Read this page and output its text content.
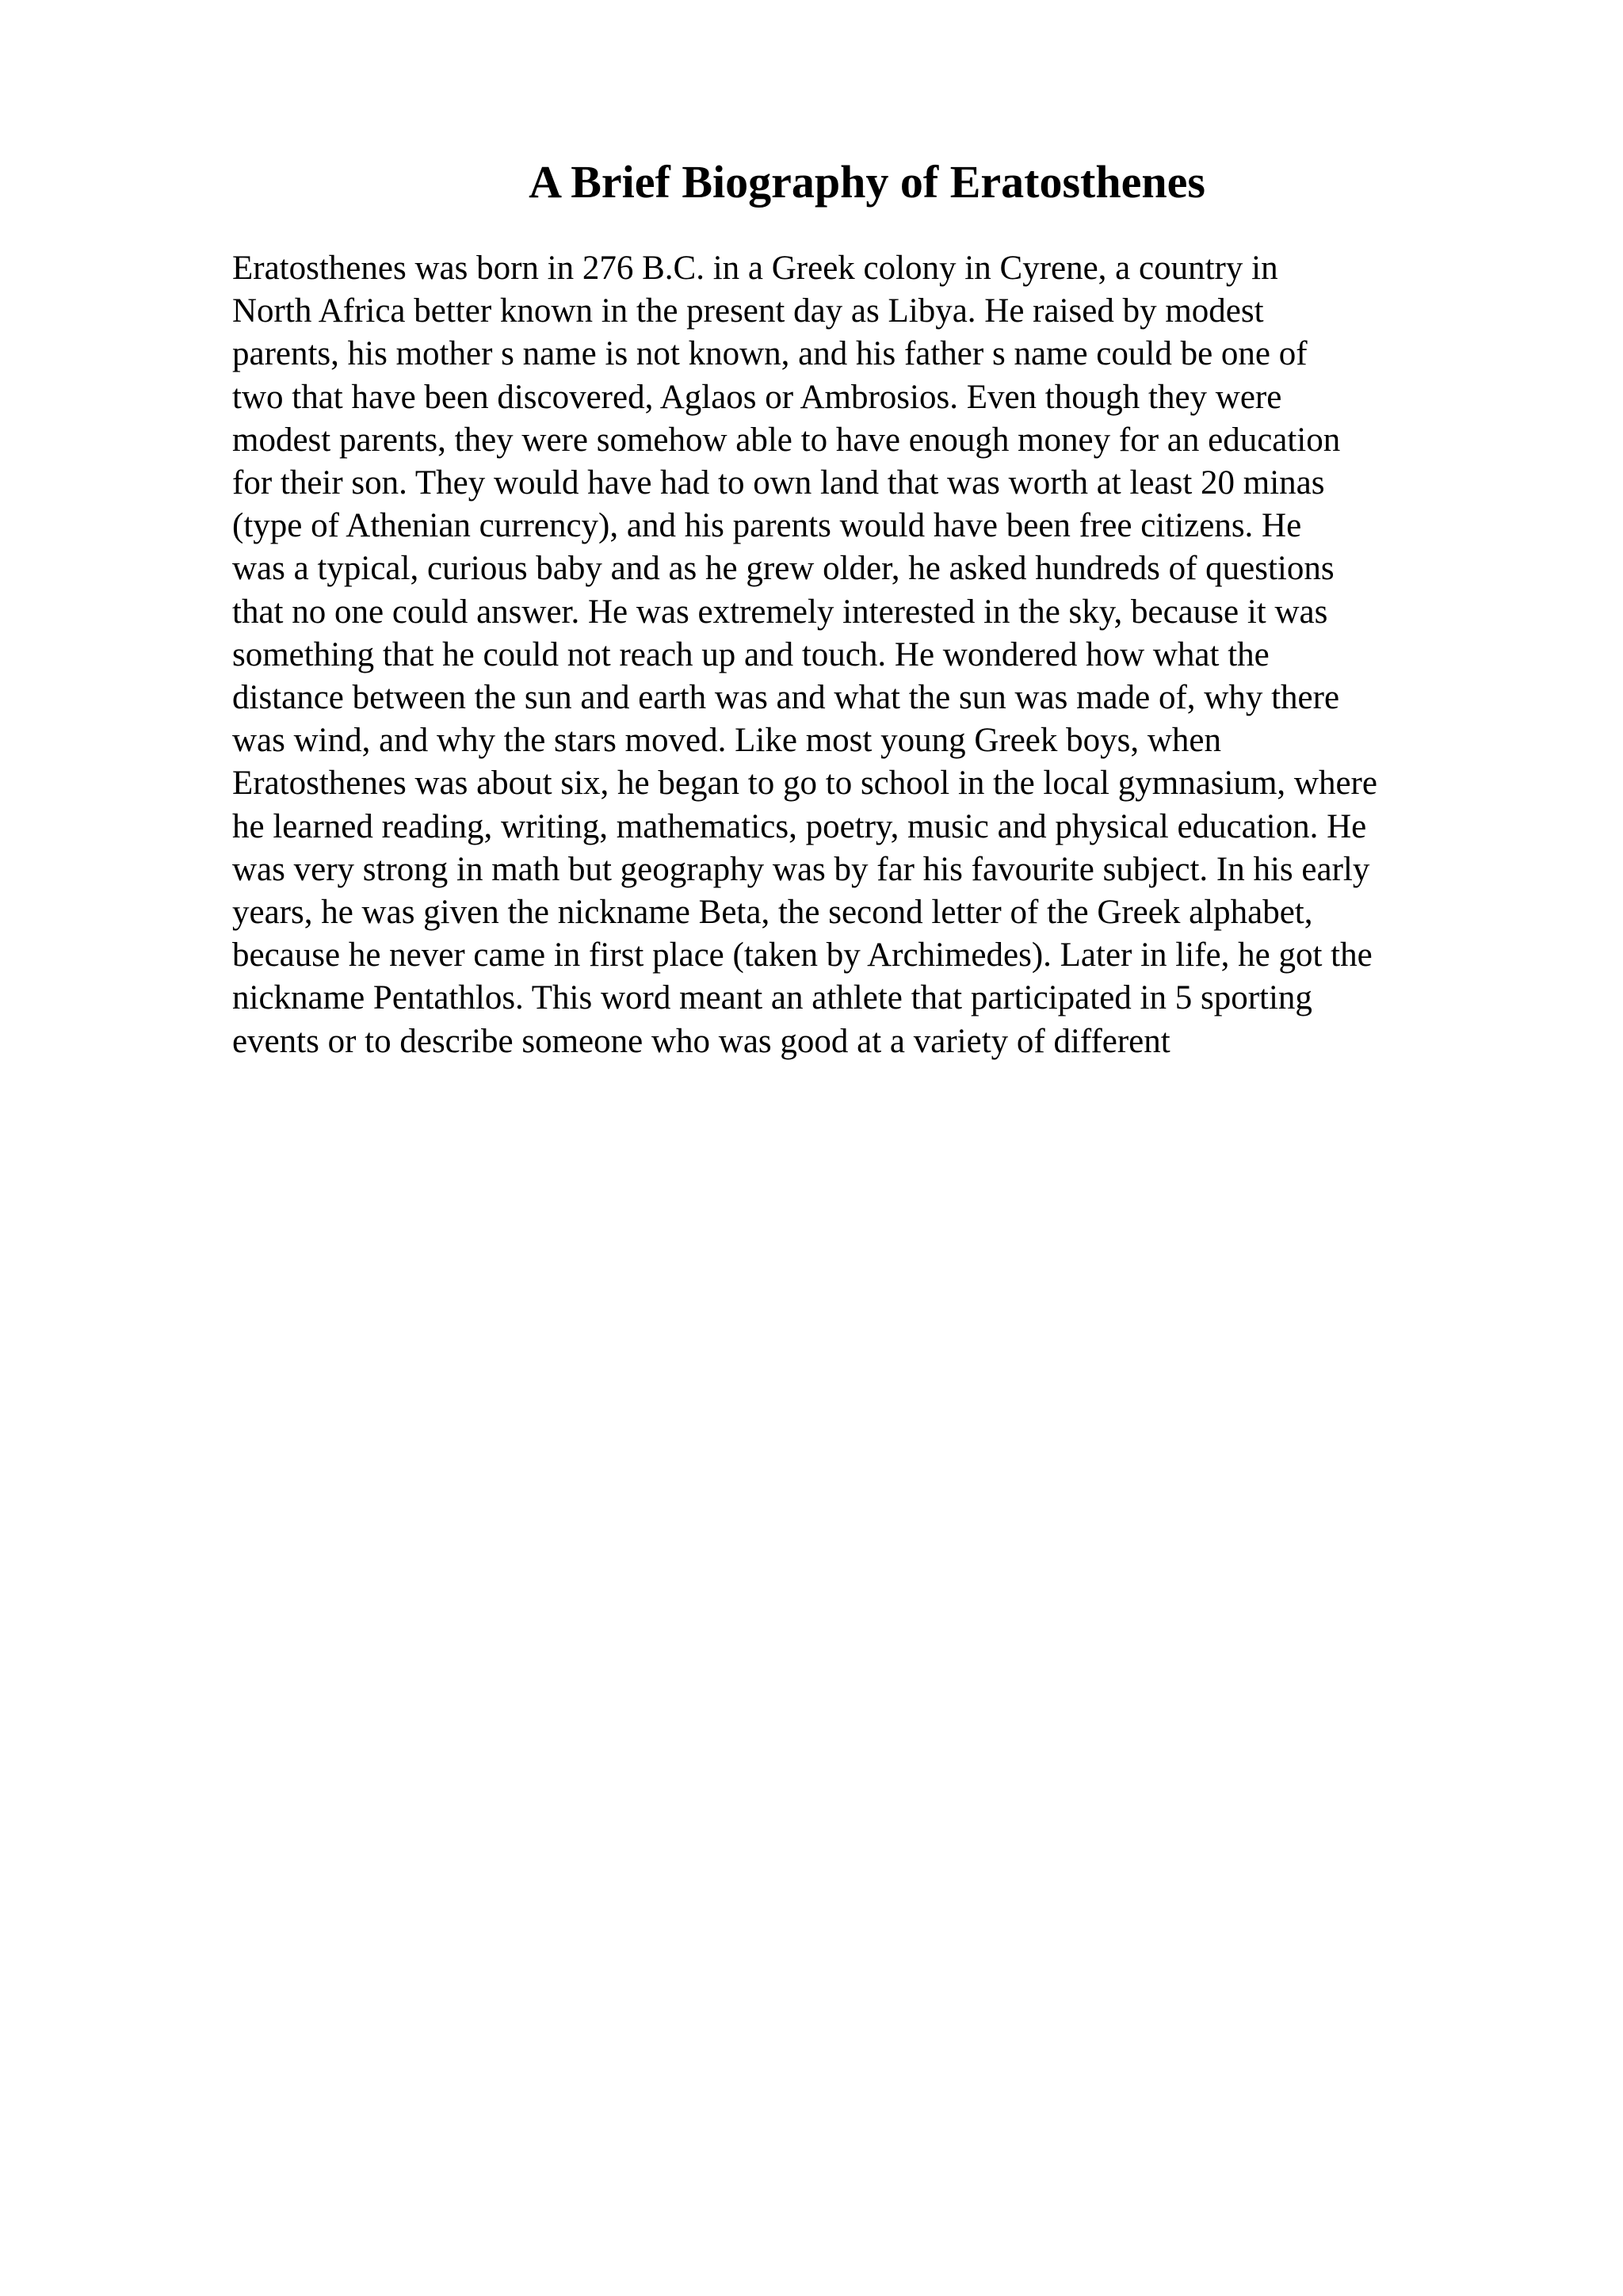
A Brief Biography of Eratosthenes
Eratosthenes was born in 276 B.C. in a Greek colony in Cyrene, a country in
North Africa better known in the present day as Libya. He raised by modest
parents, his mother s name is not known, and his father s name could be one of
two that have been discovered, Aglaos or Ambrosios. Even though they were
modest parents, they were somehow able to have enough money for an education
for their son. They would have had to own land that was worth at least 20 minas
(type of Athenian currency), and his parents would have been free citizens. He
was a typical, curious baby and as he grew older, he asked hundreds of questions
that no one could answer. He was extremely interested in the sky, because it was
something that he could not reach up and touch. He wondered how what the
distance between the sun and earth was and what the sun was made of, why there
was wind, and why the stars moved. Like most young Greek boys, when
Eratosthenes was about six, he began to go to school in the local gymnasium, where
he learned reading, writing, mathematics, poetry, music and physical education. He
was very strong in math but geography was by far his favourite subject. In his early
years, he was given the nickname Beta, the second letter of the Greek alphabet,
because he never came in first place (taken by Archimedes). Later in life, he got the
nickname Pentathlos. This word meant an athlete that participated in 5 sporting
events or to describe someone who was good at a variety of different
